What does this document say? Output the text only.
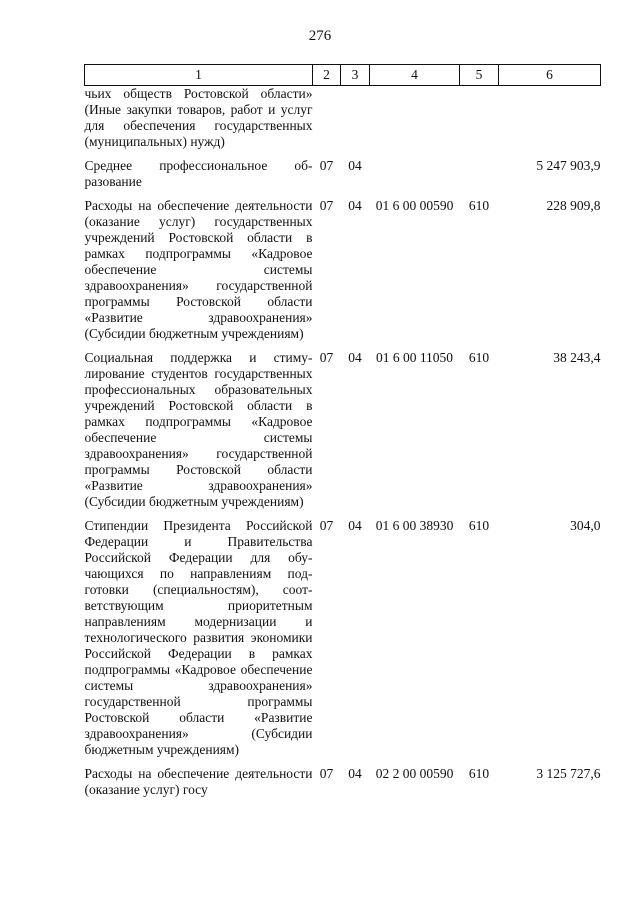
276
1	2	3	4	5	6
чьих обществ Ростовской области» (Иные закупки товаров, работ и услуг для обеспечения государственных (муниципальных) нужд)					
Среднее профессиональное образование	07	04			5 247 903,9
Расходы на обеспечение деятельности (оказание услуг) государственных учреждений Ростовской области в рамках подпрограммы «Кадровое обеспечение системы здравоохранения» государственной программы Ростовской области «Развитие здравоохранения» (Субсидии бюджетным учреждениям)	07	04	01 6 00 00590	610	228 909,8
Социальная поддержка и стимулирование студентов государственных профессиональных образовательных учреждений Ростовской области в рамках подпрограммы «Кадровое обеспечение системы здравоохранения» государственной программы Ростовской области «Развитие здравоохранения» (Субсидии бюджетным учреждениям)	07	04	01 6 00 11050	610	38 243,4
Стипендии Президента Российской Федерации и Правительства Российской Федерации для обучающихся по направлениям подготовки (специальностям), соответствующим приоритетным направлениям модернизации и технологического развития экономики Российской Федерации в рамках подпрограммы «Кадровое обеспечение системы здравоохранения» государственной программы Ростовской области «Развитие здравоохранения» (Субсидии бюджетным учреждениям)	07	04	01 6 00 38930	610	304,0
Расходы на обеспечение деятельности (оказание услуг) госу	07	04	02 2 00 00590	610	3 125 727,6
